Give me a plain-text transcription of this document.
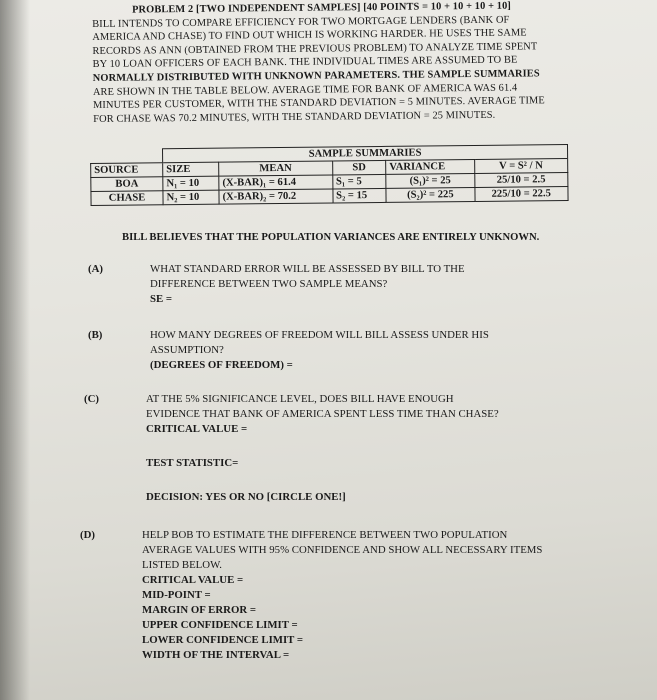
PROBLEM 2 [TWO INDEPENDENT SAMPLES] [40 POINTS = 10 + 10 + 10 + 10]
BILL INTENDS TO COMPARE EFFICIENCY FOR TWO MORTGAGE LENDERS (BANK OF
AMERICA AND CHASE) TO FIND OUT WHICH IS WORKING HARDER. HE USES THE SAME
RECORDS AS ANN (OBTAINED FROM THE PREVIOUS PROBLEM) TO ANALYZE TIME SPENT
BY 10 LOAN OFFICERS OF EACH BANK. THE INDIVIDUAL TIMES ARE ASSUMED TO BE
NORMALLY DISTRIBUTED WITH UNKNOWN PARAMETERS. THE SAMPLE SUMMARIES
ARE SHOWN IN THE TABLE BELOW. AVERAGE TIME FOR BANK OF AMERICA WAS 61.4
MINUTES PER CUSTOMER, WITH THE STANDARD DEVIATION = 5 MINUTES. AVERAGE TIME
FOR CHASE WAS 70.2 MINUTES, WITH THE STANDARD DEVIATION = 25 MINUTES.
	SAMPLE SUMMARIES				
SOURCE	SIZE	MEAN	SD	VARIANCE	V = S² / N
BOA	N₁ = 10	(X-BAR)₁ = 61.4	S₁ = 5	(S₁)² = 25	25/10 = 2.5
CHASE	N₂ = 10	(X-BAR)₂ = 70.2	S₂ = 15	(S₂)² = 225	225/10 = 22.5
BILL BELIEVES THAT THE POPULATION VARIANCES ARE ENTIRELY UNKNOWN.
(A)	WHAT STANDARD ERROR WILL BE ASSESSED BY BILL TO THE
DIFFERENCE BETWEEN TWO SAMPLE MEANS?
SE =
(B)	HOW MANY DEGREES OF FREEDOM WILL BILL ASSESS UNDER HIS
ASSUMPTION?
(DEGREES OF FREEDOM) =
(C)	AT THE 5% SIGNIFICANCE LEVEL, DOES BILL HAVE ENOUGH
EVIDENCE THAT BANK OF AMERICA SPENT LESS TIME THAN CHASE?
CRITICAL VALUE =
TEST STATISTIC=
DECISION: YES OR NO [CIRCLE ONE!]
(D)	HELP BOB TO ESTIMATE THE DIFFERENCE BETWEEN TWO POPULATION
AVERAGE VALUES WITH 95% CONFIDENCE AND SHOW ALL NECESSARY ITEMS
LISTED BELOW.
CRITICAL VALUE =
MID-POINT =
MARGIN OF ERROR =
UPPER CONFIDENCE LIMIT =
LOWER CONFIDENCE LIMIT =
WIDTH OF THE INTERVAL =
